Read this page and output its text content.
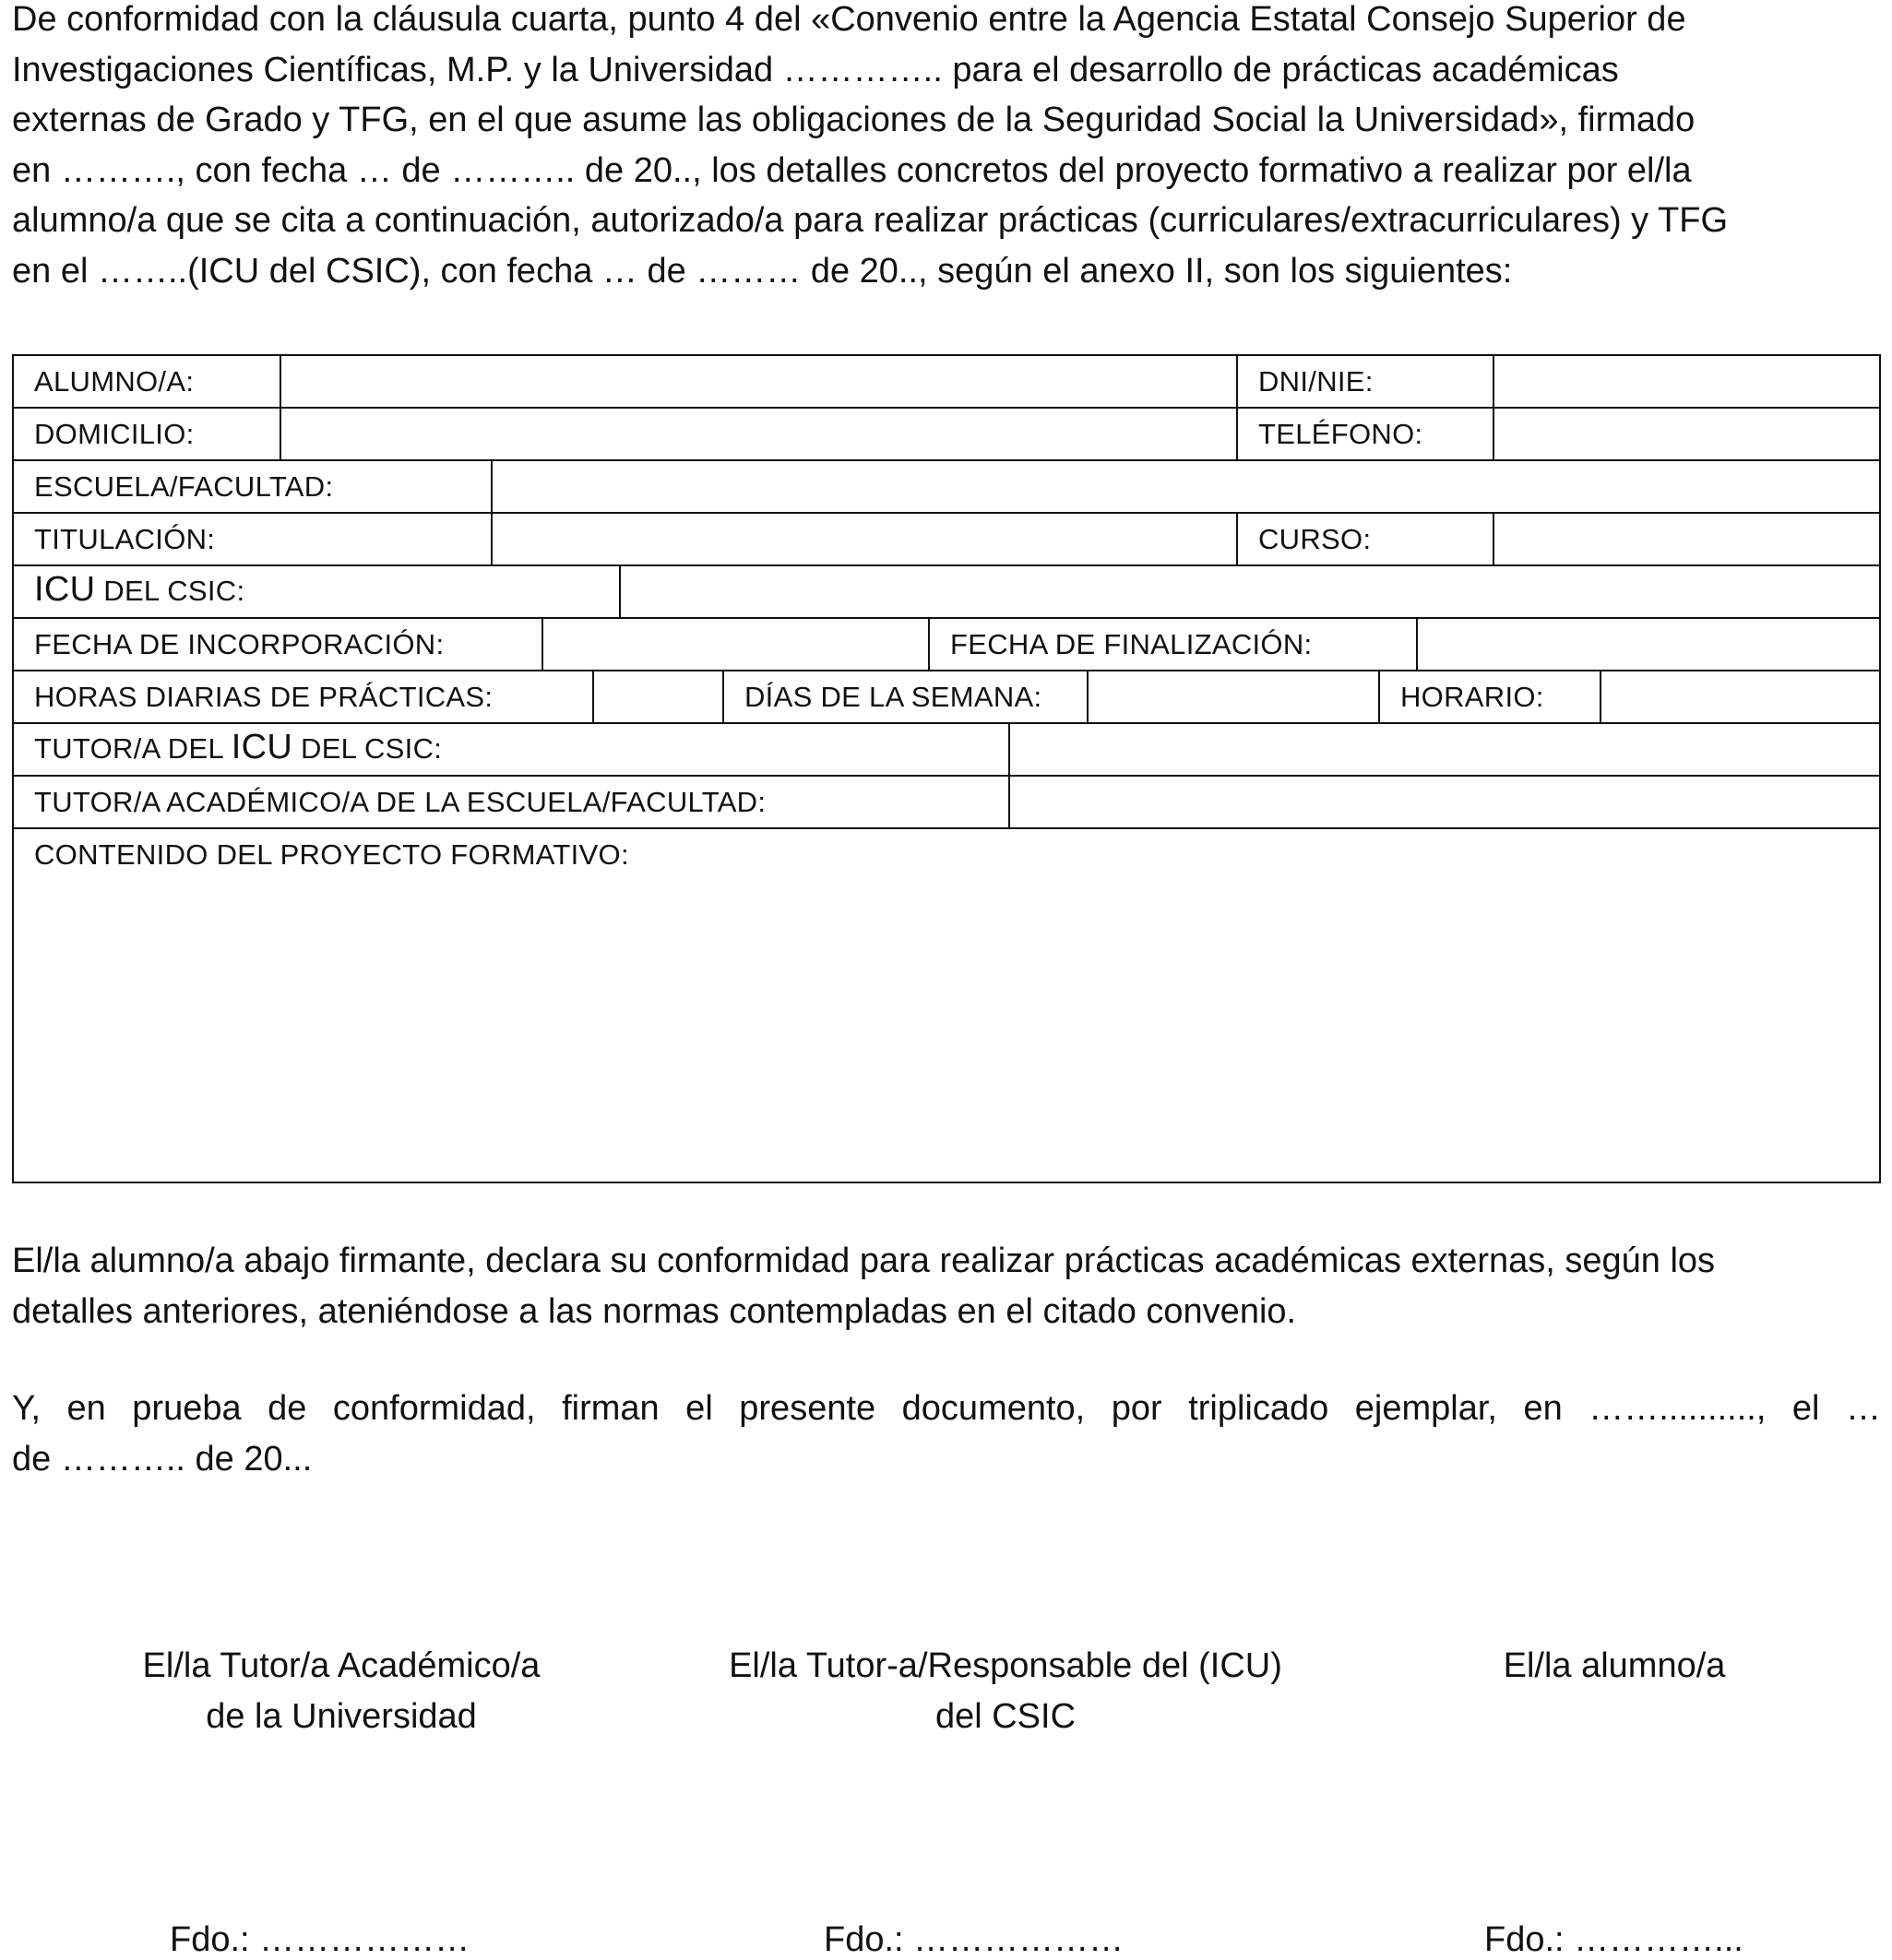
De conformidad con la cláusula cuarta, punto 4 del «Convenio entre la Agencia Estatal Consejo Superior de
Investigaciones Científicas, M.P. y la Universidad ………….. para el desarrollo de prácticas académicas
externas de Grado y TFG, en el que asume las obligaciones de la Seguridad Social la Universidad», firmado
en ………., con fecha … de ……….. de 20.., los detalles concretos del proyecto formativo a realizar por el/la
alumno/a que se cita a continuación, autorizado/a para realizar prácticas (curriculares/extracurriculares) y TFG
en el ……..(ICU del CSIC), con fecha … de ……… de 20.., según el anexo II, son los siguientes:
ALUMNO/A:	DNI/NIE:
DOMICILIO:	TELÉFONO:
ESCUELA/FACULTAD:
TITULACIÓN:	CURSO:
ICU DEL CSIC:
FECHA DE INCORPORACIÓN:	FECHA DE FINALIZACIÓN:
HORAS DIARIAS DE PRÁCTICAS:	DÍAS DE LA SEMANA:	HORARIO:
TUTOR/A DEL ICU DEL CSIC:
TUTOR/A ACADÉMICO/A DE LA ESCUELA/FACULTAD:
CONTENIDO DEL PROYECTO FORMATIVO:
El/la alumno/a abajo firmante, declara su conformidad para realizar prácticas académicas externas, según los
detalles anteriores, ateniéndose a las normas contempladas en el citado convenio.
Y, en prueba de conformidad, firman el presente documento, por triplicado ejemplar, en …….........., el …
de ……….. de 20...
El/la Tutor/a Académico/a
de la Universidad
El/la Tutor-a/Responsable del (ICU)
del CSIC
El/la alumno/a
Fdo.: ………………	Fdo.: ………………	Fdo.: …………...
